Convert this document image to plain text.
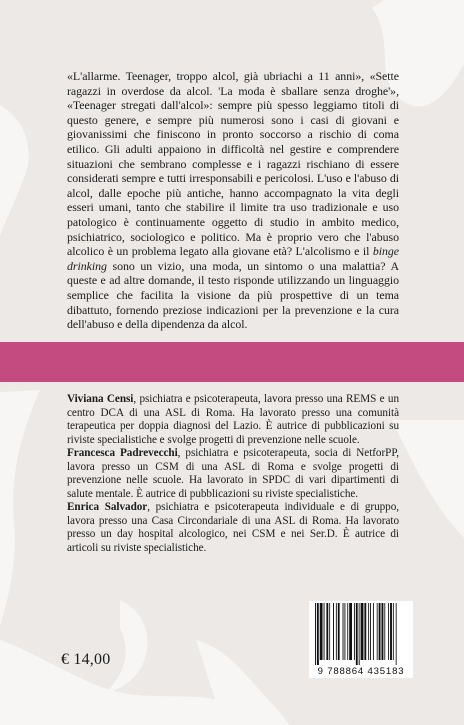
«L'allarme. Teenager, troppo alcol, già ubriachi a 11 anni», «Sette ragazzi in overdose da alcol. 'La moda è sballare senza droghe'», «Teenager stregati dall'alcol»: sempre più spesso leggiamo titoli di questo genere, e sempre più numerosi sono i casi di giovani e giovanissimi che finiscono in pronto soccorso a rischio di coma etilico. Gli adulti appaiono in difficoltà nel gestire e comprendere situazioni che sembrano complesse e i ragazzi rischiano di essere considerati sempre e tutti irresponsabili e pericolosi. L'uso e l'abuso di alcol, dalle epoche più antiche, hanno accompagnato la vita degli esseri umani, tanto che stabilire il limite tra uso tradizionale e uso patologico è continuamente oggetto di studio in ambito medico, psichiatrico, sociologico e politico. Ma è proprio vero che l'abuso alcolico è un problema legato alla giovane età? L'alcolismo e il binge drinking sono un vizio, una moda, un sintomo o una malattia? A queste e ad altre domande, il testo risponde utilizzando un linguaggio semplice che facilita la visione da più prospettive di un tema dibattuto, fornendo preziose indicazioni per la prevenzione e la cura dell'abuso e della dipendenza da alcol.

Viviana Censi, psichiatra e psicoterapeuta, lavora presso una REMS e un centro DCA di una ASL di Roma. Ha lavorato presso una comunità terapeutica per doppia diagnosi del Lazio. È autrice di pubblicazioni su riviste specialistiche e svolge progetti di prevenzione nelle scuole.

Francesca Padrevecchi, psichiatra e psicoterapeuta, socia di NetforPP, lavora presso un CSM di una ASL di Roma e svolge progetti di prevenzione nelle scuole. Ha lavorato in SPDC di vari dipartimenti di salute mentale. È autrice di pubblicazioni su riviste specialistiche.

Enrica Salvador, psichiatra e psicoterapeuta individuale e di gruppo, lavora presso una Casa Circondariale di una ASL di Roma. Ha lavorato presso un day hospital alcologico, nei CSM e nei Ser.D. È autrice di articoli su riviste specialistiche.

€ 14,00
9 788864 435183
